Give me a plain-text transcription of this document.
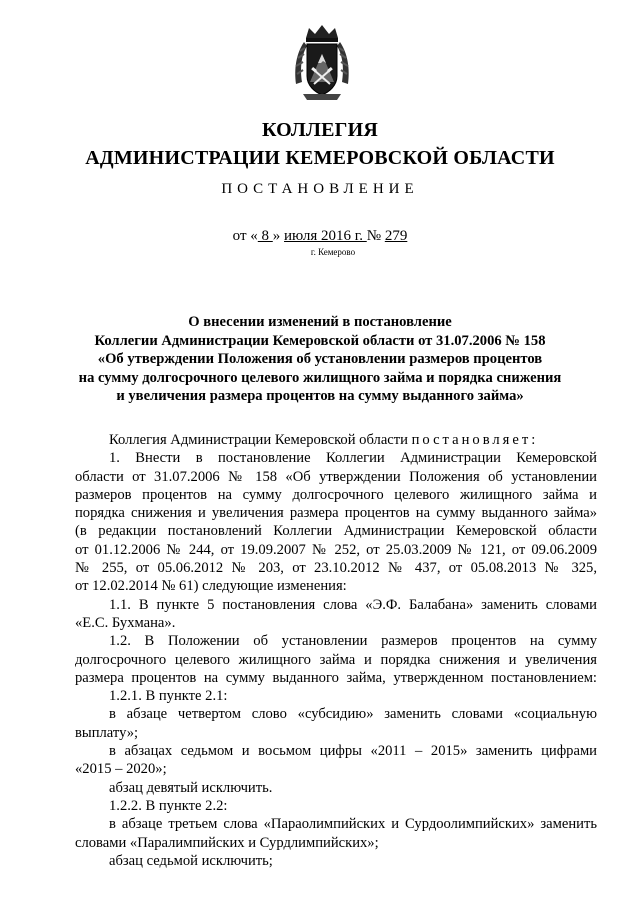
КОЛЛЕГИЯ
АДМИНИСТРАЦИИ КЕМЕРОВСКОЙ ОБЛАСТИ
ПОСТАНОВЛЕНИЕ
от « 8 » июля 2016 г. № 279
г. Кемерово
О внесении изменений в постановление
Коллегии Администрации Кемеровской области от 31.07.2006 № 158
«Об утверждении Положения об установлении размеров процентов
на сумму долгосрочного целевого жилищного займа и порядка снижения
и увеличения размера процентов на сумму выданного займа»
Коллегия Администрации Кемеровской области постановляет:
1. Внести в постановление Коллегии Администрации Кемеровской
области от 31.07.2006 № 158 «Об утверждении Положения об установлении
размеров процентов на сумму долгосрочного целевого жилищного займа и
порядка снижения и увеличения размера процентов на сумму выданного займа»
(в редакции постановлений Коллегии Администрации Кемеровской области
от 01.12.2006 № 244, от 19.09.2007 № 252, от 25.03.2009 № 121, от 09.06.2009
№ 255, от 05.06.2012 № 203, от 23.10.2012 № 437, от 05.08.2013 № 325,
от 12.02.2014 № 61) следующие изменения:
1.1. В пункте 5 постановления слова «Э.Ф. Балабана» заменить словами
«Е.С. Бухмана».
1.2. В Положении об установлении размеров процентов на сумму
долгосрочного целевого жилищного займа и порядка снижения и увеличения
размера процентов на сумму выданного займа, утвержденном постановлением:
1.2.1. В пункте 2.1:
в абзаце четвертом слово «субсидию» заменить словами «социальную
выплату»;
в абзацах седьмом и восьмом цифры «2011 – 2015» заменить цифрами
«2015 – 2020»;
абзац девятый исключить.
1.2.2. В пункте 2.2:
в абзаце третьем слова «Параолимпийских и Сурдоолимпийских» заменить
словами «Паралимпийских и Сурдлимпийских»;
абзац седьмой исключить;
